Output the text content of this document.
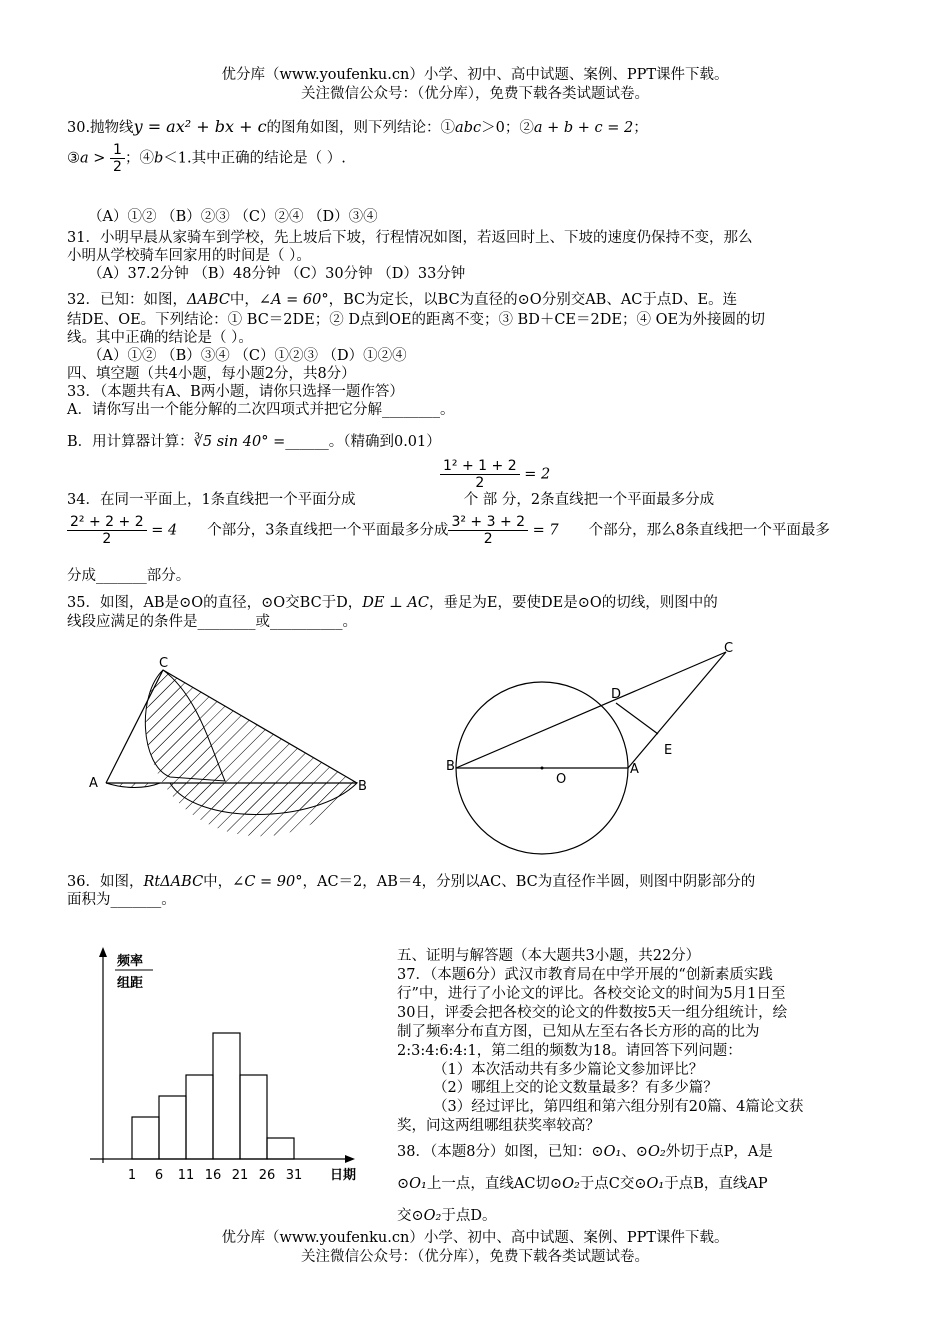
优分库（www.youfenku.cn）小学、初中、高中试题、案例、PPT课件下载。
关注微信公众号：（优分库），免费下载各类试题试卷。
30.抛物线y = ax² + bx + c的图角如图，则下列结论：①abc＞0；②a + b + c = 2；
③a > $\frac{1}{2}$ ；④b＜1.其中正确的结论是（ ）.
（A）①② （B）②③ （C）②④ （D）③④
31．小明早晨从家骑车到学校，先上坡后下坡，行程情况如图，若返回时上、下坡的速度仍保持不变，那么
小明从学校骑车回家用的时间是（ ）。
（A）37.2分钟 （B）48分钟 （C）30分钟 （D）33分钟
32．已知：如图，ΔABC中，∠A = 60°，BC为定长，以BC为直径的⊙O分别交AB、AC于点D、E。连
结DE、OE。下列结论：① BC＝2DE；② D点到OE的距离不变；③ BD＋CE＝2DE；④ OE为外接圆的切
线。其中正确的结论是（ ）。
（A）①② （B）③④ （C）①②③ （D）①②④
四、填空题（共4小题，每小题2分，共8分）
33．（本题共有A、B两小题，请你只选择一题作答）
A．请你写出一个能分解的二次四项式并把它分解________。
B．用计算器计算：∛5 sin 40° =______。（精确到0.01）
$\frac{\text{1² + 1 + 2}}{2} = 2$
34．在同一平面上，1条直线把一个平面分成	个 部 分，2条直线把一个平面最多分成
$\frac{\text{2² + 2 + 2}}{2} = 4$ 个部分，3条直线把一个平面最多分成 $\frac{\text{3² + 3 + 2}}{2} = 7$ 个部分，那么8条直线把一个平面最多
分成_______部分。
35．如图，AB是⊙O的直径，⊙O交BC于D，DE ⊥ AC，垂足为E，要使DE是⊙O的切线，则图中的
线段应满足的条件是________或__________。
C
A	B
C
D
E
B
O
A
36．如图，RtΔABC中，∠C = 90°，AC＝2，AB＝4，分别以AC、BC为直径作半圆，则图中阴影部分的
面积为_______。
频率
组距
日期
1 6 11 16 21 26 31
五、证明与解答题（本大题共3小题，共22分）
37．（本题6分）武汉市教育局在中学开展的“创新素质实践
行”中，进行了小论文的评比。各校交论文的时间为5月1日至
30日，评委会把各校交的论文的件数按5天一组分组统计，绘
制了频率分布直方图，已知从左至右各长方形的高的比为
2:3:4:6:4:1，第二组的频数为18。请回答下列问题：
（1）本次活动共有多少篇论文参加评比？
（2）哪组上交的论文数量最多？有多少篇？
（3）经过评比，第四组和第六组分别有20篇、4篇论文获
奖，问这两组哪组获奖率较高？
38．（本题8分）如图，已知：⊙O₁、⊙O₂外切于点P，A是
⊙O₁上一点，直线AC切⊙O₂于点C交⊙O₁于点B，直线AP
交⊙O₂于点D。
优分库（www.youfenku.cn）小学、初中、高中试题、案例、PPT课件下载。
关注微信公众号：（优分库），免费下载各类试题试卷。
